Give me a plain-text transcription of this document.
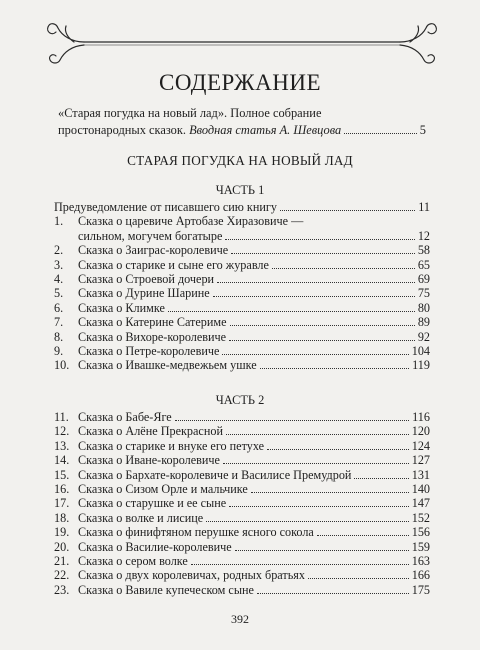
СОДЕРЖАНИЕ
«Старая погудка на новый лад». Полное собрание
простонародных сказок. Вводная статья А. Шевцова	5
СТАРАЯ ПОГУДКА НА НОВЫЙ ЛАД
ЧАСТЬ 1
Предуведомление от писавшего сию книгу	11
1.	Сказка о царевиче Артобазе Хиразовиче —
сильном, могучем богатыре	12
2.	Сказка о Заиграс-королевиче	58
3.	Сказка о старике и сыне его журавле	65
4.	Сказка о Строевой дочери	69
5.	Сказка о Дурине Шарине	75
6.	Сказка о Климке	80
7.	Сказка о Катерине Сатериме	89
8.	Сказка о Вихоре-королевиче	92
9.	Сказка о Петре-королевиче	104
10. Сказка о Ивашке-медвежьем ушке	119
ЧАСТЬ 2
11. Сказка о Бабе-Яге	116
12. Сказка о Алёне Прекрасной	120
13. Сказка о старике и внуке его петухе	124
14. Сказка о Иване-королевиче	127
15. Сказка о Бархате-королевиче и Василисе Премудрой	131
16. Сказка о Сизом Орле и мальчике	140
17. Сказка о старушке и ее сыне	147
18. Сказка о волке и лисице	152
19. Сказка о финифтяном перушке ясного сокола	156
20. Сказка о Василие-королевиче	159
21. Сказка о сером волке	163
22. Сказка о двух королевичах, родных братьях	166
23. Сказка о Вавиле купеческом сыне	175
392
